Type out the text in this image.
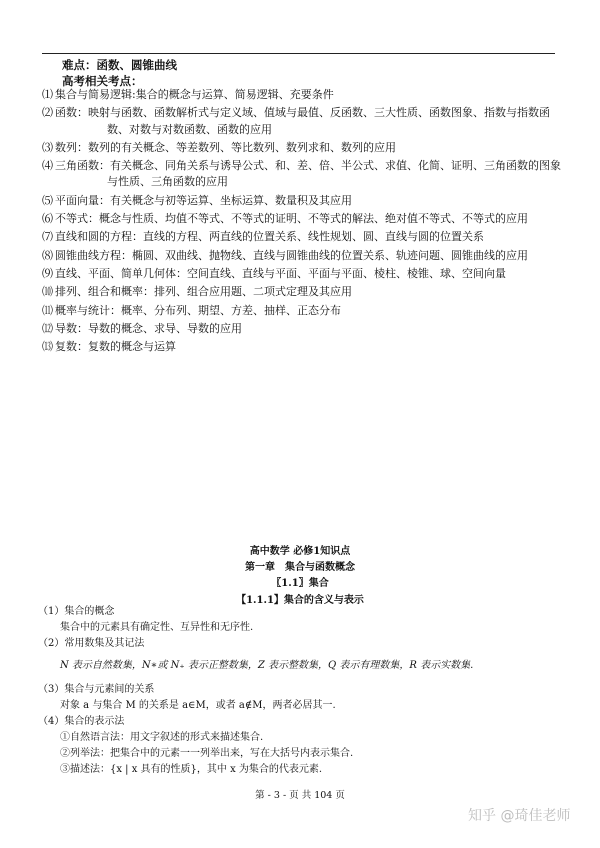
难点：函数、圆锥曲线
高考相关考点：
⑴ 集合与简易逻辑:集合的概念与运算、简易逻辑、充要条件
⑵ 函数：映射与函数、函数解析式与定义域、值域与最值、反函数、三大性质、函数图象、指数与指数函数、对数与对数函数、函数的应用
⑶ 数列：数列的有关概念、等差数列、等比数列、数列求和、数列的应用
⑷ 三角函数：有关概念、同角关系与诱导公式、和、差、倍、半公式、求值、化简、证明、三角函数的图象与性质、三角函数的应用
⑸ 平面向量：有关概念与初等运算、坐标运算、数量积及其应用
⑹ 不等式：概念与性质、均值不等式、不等式的证明、不等式的解法、绝对值不等式、不等式的应用
⑺ 直线和圆的方程：直线的方程、两直线的位置关系、线性规划、圆、直线与圆的位置关系
⑻ 圆锥曲线方程：椭圆、双曲线、抛物线、直线与圆锥曲线的位置关系、轨迹问题、圆锥曲线的应用
⑼ 直线、平面、简单几何体：空间直线、直线与平面、平面与平面、棱柱、棱锥、球、空间向量
⑽ 排列、组合和概率：排列、组合应用题、二项式定理及其应用
⑾ 概率与统计：概率、分布列、期望、方差、抽样、正态分布
⑿ 导数：导数的概念、求导、导数的应用
⒀ 复数：复数的概念与运算
高中数学 必修1知识点
第一章　集合与函数概念
〖1.1〗集合
【1.1.1】集合的含义与表示
（1）集合的概念
集合中的元素具有确定性、互异性和无序性.
（2）常用数集及其记法
N 表示自然数集，N∗或 N₊ 表示正整数集，Z 表示整数集，Q 表示有理数集，R 表示实数集.
（3）集合与元素间的关系
对象 a 与集合 M 的关系是 a∈M，或者 a∉M，两者必居其一.
（4）集合的表示法
①自然语言法：用文字叙述的形式来描述集合.
②列举法：把集合中的元素一一列举出来，写在大括号内表示集合.
③描述法：{x | x 具有的性质}，其中 x 为集合的代表元素.
第 - 3 - 页 共 104 页
知乎 @琦佳老师
